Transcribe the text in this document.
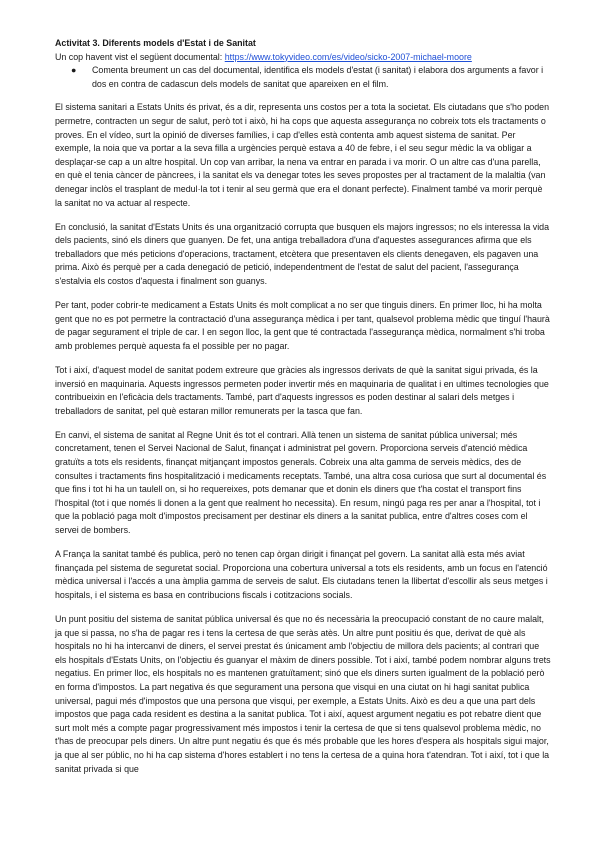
Activitat 3. Diferents models d'Estat i de Sanitat

Un cop havent vist el següent documental: https://www.tokyvideo.com/es/video/sicko-2007-michael-moore

● Comenta breument un cas del documental, identifica els models d'estat (i sanitat) i elabora dos arguments a favor i dos en contra de cadascun dels models de sanitat que apareixen en el film.

El sistema sanitari a Estats Units és privat, és a dir, representa uns costos per a tota la societat. Els ciutadans que s'ho poden permetre, contracten un segur de salut, però tot i això, hi ha cops que aquesta assegurança no cobreix tots els tractaments o proves. En el vídeo, surt la opinió de diverses famílies, i cap d'elles està contenta amb aquest sistema de sanitat. Per exemple, la noia que va portar a la seva filla a urgències perquè estava a 40 de febre, i el seu segur mèdic la va obligar a desplaçar-se cap a un altre hospital. Un cop van arribar, la nena va entrar en parada i va morir. O un altre cas d'una parella, en què el tenia càncer de pàncrees, i la sanitat els va denegar totes les seves propostes per al tractament de la malaltia (van denegar inclòs el trasplant de medul·la tot i tenir al seu germà que era el donant perfecte). Finalment també va morir perquè la sanitat no va actuar al respecte.

En conclusió, la sanitat d'Estats Units és una organització corrupta que busquen els majors ingressos; no els interessa la vida dels pacients, sinó els diners que guanyen. De fet, una antiga treballadora d'una d'aquestes assegurances afirma que els treballadors que més peticions d'operacions, tractament, etcètera que presentaven els clients denegaven, els pagaven una prima. Això és perquè per a cada denegació de petició, independentment de l'estat de salut del pacient, l'assegurança s'estalvia els costos d'aquesta i finalment son guanys.

Per tant, poder cobrir-te medicament a Estats Units és molt complicat a no ser que tinguis diners. En primer lloc, hi ha molta gent que no es pot permetre la contractació d'una assegurança mèdica i per tant, qualsevol problema mèdic que tinguí l'haurà de pagar segurament el triple de car. I en segon lloc, la gent que té contractada l'assegurança mèdica, normalment s'hi troba amb problemes perquè aquesta fa el possible per no pagar.

Tot i així, d'aquest model de sanitat podem extreure que gràcies als ingressos derivats de què la sanitat sigui privada, és la inversió en maquinaria. Aquests ingressos permeten poder invertir més en maquinaria de qualitat i en ultimes tecnologies que contribueixin en l'eficàcia dels tractaments. També, part d'aquests ingressos es poden destinar al salari dels metges i treballadors de sanitat, pel què estaran millor remunerats per la tasca que fan.

En canvi, el sistema de sanitat al Regne Unit és tot el contrari. Allà tenen un sistema de sanitat pública universal; més concretament, tenen el Servei Nacional de Salut, finançat i administrat pel govern. Proporciona serveis d'atenció mèdica gratuïts a tots els residents, finançat mitjançant impostos generals. Cobreix una alta gamma de serveis mèdics, des de consultes i tractaments fins hospitalització i medicaments receptats. També, una altra cosa curiosa que surt al documental és que fins i tot hi ha un taulell on, si ho requereixes, pots demanar que et donin els diners que t'ha costat el transport fins l'hospital (tot i que només li donen a la gent que realment ho necessita). En resum, ningú paga res per anar a l'hospital, tot i que la població paga molt d'impostos precisament per destinar els diners a la sanitat publica, entre d'altres coses com el servei de bombers.

A França la sanitat també és publica, però no tenen cap òrgan dirigit i finançat pel govern. La sanitat allà esta més aviat finançada pel sistema de seguretat social. Proporciona una cobertura universal a tots els residents, amb un focus en l'atenció mèdica universal i l'accés a una àmplia gamma de serveis de salut. Els ciutadans tenen la llibertat d'escollir als seus metges i hospitals, i el sistema es basa en contribucions fiscals i cotitzacions socials.

Un punt positiu del sistema de sanitat pública universal és que no és necessària la preocupació constant de no caure malalt, ja que si passa, no s'ha de pagar res i tens la certesa de que seràs atès. Un altre punt positiu és que, derivat de què als hospitals no hi ha intercanvi de diners, el servei prestat és únicament amb l'objectiu de millora dels pacients; al contrari que els hospitals d'Estats Units, on l'objectiu és guanyar el màxim de diners possible. Tot i així, també podem nombrar alguns trets negatius. En primer lloc, els hospitals no es mantenen gratuïtament; sinó que els diners surten igualment de la població però en forma d'impostos. La part negativa és que segurament una persona que visqui en una ciutat on hi hagi sanitat publica universal, pagui més d'impostos que una persona que visqui, per exemple, a Estats Units. Això es deu a que una part dels impostos que paga cada resident es destina a la sanitat publica. Tot i així, aquest argument negatiu es pot rebatre dient que surt molt més a compte pagar progressivament més impostos i tenir la certesa de que si tens qualsevol problema mèdic, no t'has de preocupar pels diners. Un altre punt negatiu és que és més probable que les hores d'espera als hospitals sigui major, ja que al ser públic, no hi ha cap sistema d'hores establert i no tens la certesa de a quina hora t'atendran. Tot i així, tot i que la sanitat privada si que
